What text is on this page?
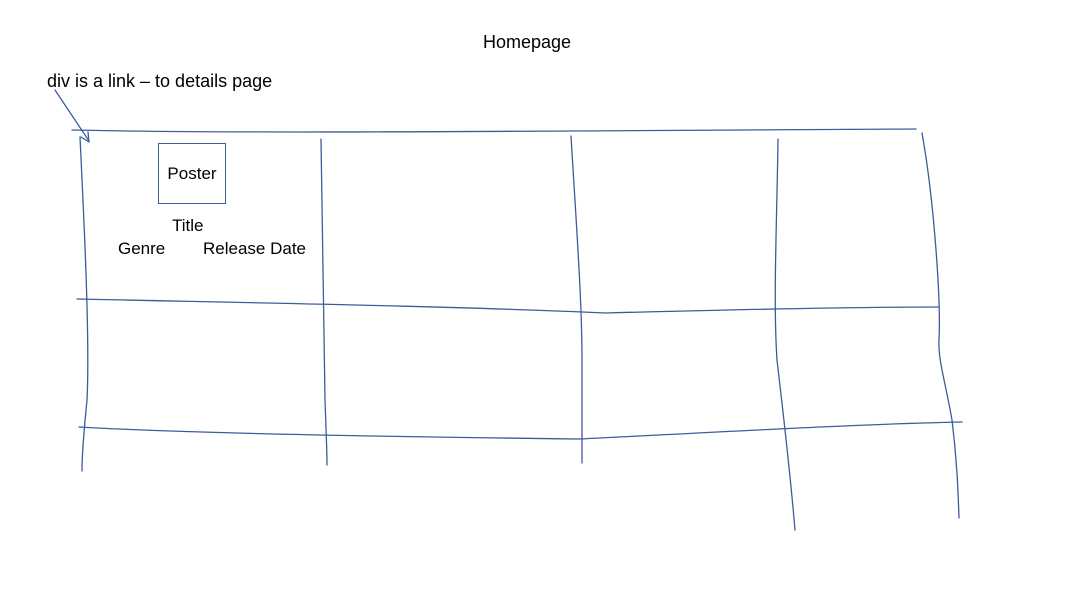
Homepage
div is a link – to details page
Poster
Title
Genre Release Date
